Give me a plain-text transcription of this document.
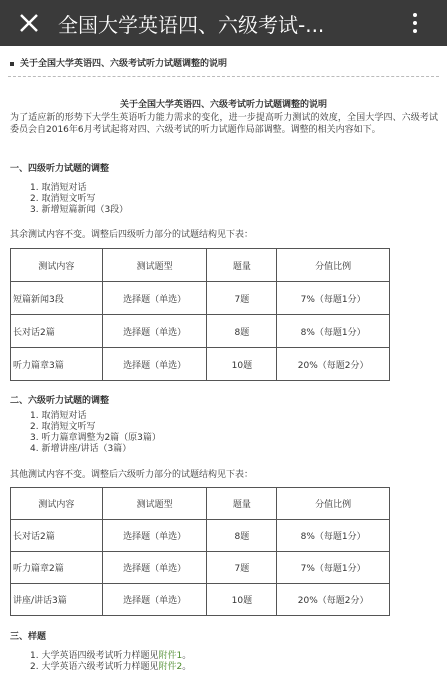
全国大学英语四、六级考试-...
关于全国大学英语四、六级考试听力试题调整的说明
关于全国大学英语四、六级考试听力试题调整的说明
为了适应新的形势下大学生英语听力能力需求的变化，进一步提高听力测试的效度，全国大学四、六级考试委员会自2016年6月考试起将对四、六级考试的听力试题作局部调整。调整的相关内容如下。
一、四级听力试题的调整
1. 取消短对话
2. 取消短文听写
3. 新增短篇新闻（3段）
其余测试内容不变。调整后四级听力部分的试题结构见下表：
测试内容	测试题型	题量	分值比例
短篇新闻3段	选择题（单选）	7题	7%（每题1分）
长对话2篇	选择题（单选）	8题	8%（每题1分）
听力篇章3篇	选择题（单选）	10题	20%（每题2分）
二、六级听力试题的调整
1. 取消短对话
2. 取消短文听写
3. 听力篇章调整为2篇（原3篇）
4. 新增讲座/讲话（3篇）
其他测试内容不变。调整后六级听力部分的试题结构见下表：
测试内容	测试题型	题量	分值比例
长对话2篇	选择题（单选）	8题	8%（每题1分）
听力篇章2篇	选择题（单选）	7题	7%（每题1分）
讲座/讲话3篇	选择题（单选）	10题	20%（每题2分）
三、样题
1. 大学英语四级考试听力样题见附件1。
2. 大学英语六级考试听力样题见附件2。
